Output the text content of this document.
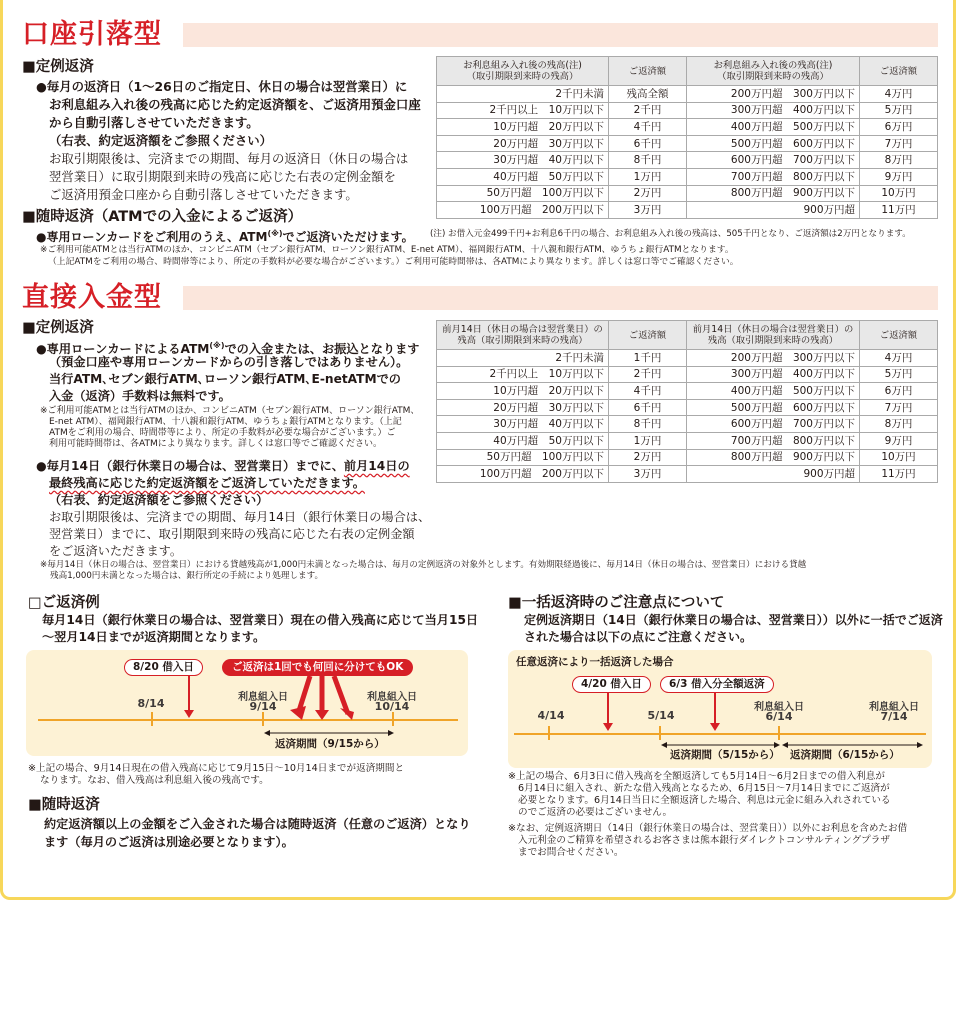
口座引落型
■定例返済
●毎月の返済日（1～26日のご指定日、休日の場合は翌営業日）に
お利息組み入れ後の残高に応じた約定返済額を、ご返済用預金口座
から自動引落しさせていただきます。
（右表、約定返済額をご参照ください）
お取引期限後は、完済までの期間、毎月の返済日（休日の場合は
翌営業日）に取引期限到来時の残高に応じた右表の定例金額を
ご返済用預金口座から自動引落しさせていただきます。
■随時返済（ATMでの入金によるご返済）
●専用ローンカードをご利用のうえ、ATM(※)でご返済いただけます。 (注) お借入元金499千円+お利息6千円の場合、お利息組み入れ後の残高は、505千円となり、ご返済額は2万円となります。
※ご利用可能ATMとは当行ATMのほか、コンビニATM（セブン銀行ATM、ローソン銀行ATM、E-net ATM）、福岡銀行ATM、十八親和銀行ATM、ゆうちょ銀行ATMとなります。
（上記ATMをご利用の場合、時間帯等により、所定の手数料が必要な場合がございます。）ご利用可能時間帯は、各ATMにより異なります。詳しくは窓口等でご確認ください。
お利息組み入れ後の残高(注)
（取引期限到来時の残高）	ご返済額	お利息組み入れ後の残高(注)
（取引期限到来時の残高）	ご返済額
2千円未満	残高全額	200万円超　300万円以下	4万円
2千円以上　10万円以下	2千円	300万円超　400万円以下	5万円
10万円超　20万円以下	4千円	400万円超　500万円以下	6万円
20万円超　30万円以下	6千円	500万円超　600万円以下	7万円
30万円超　40万円以下	8千円	600万円超　700万円以下	8万円
40万円超　50万円以下	1万円	700万円超　800万円以下	9万円
50万円超　100万円以下	2万円	800万円超　900万円以下	10万円
100万円超　200万円以下	3万円	900万円超	11万円
直接入金型
■定例返済
●専用ローンカードによるATM(※)での入金または、お振込となります
（預金口座や専用ローンカードからの引き落しではありません）。
当行ATM､セブン銀行ATM､ローソン銀行ATM､E-netATMでの
入金（返済）手数料は無料です。
※ご利用可能ATMとは当行ATMのほか、コンビニATM（セブン銀行ATM、ローソン銀行ATM、
E-net ATM）、福岡銀行ATM、十八親和銀行ATM、ゆうちょ銀行ATMとなります。（上記
ATMをご利用の場合、時間帯等により、所定の手数料が必要な場合がございます。）ご
利用可能時間帯は、各ATMにより異なります。詳しくは窓口等でご確認ください。
●毎月14日（銀行休業日の場合は、翌営業日）までに、前月14日の
最終残高に応じた約定返済額をご返済していただきます。
（右表、約定返済額をご参照ください）
お取引期限後は、完済までの期間、毎月14日（銀行休業日の場合は、
翌営業日）までに、取引期限到来時の残高に応じた右表の定例金額
をご返済いただきます。
※毎月14日（休日の場合は、翌営業日）における貸越残高が1,000円未満となった場合は、毎月の定例返済の対象外とします。有効期限経過後に、毎月14日（休日の場合は、翌営業日）における貸越
残高1,000円未満となった場合は、銀行所定の手続により処理します。
前月14日（休日の場合は翌営業日）の
残高（取引期限到来時の残高）	ご返済額	前月14日（休日の場合は翌営業日）の
残高（取引期限到来時の残高）	ご返済額
2千円未満	1千円	200万円超　300万円以下	4万円
2千円以上　10万円以下	2千円	300万円超　400万円以下	5万円
10万円超　20万円以下	4千円	400万円超　500万円以下	6万円
20万円超　30万円以下	6千円	500万円超　600万円以下	7万円
30万円超　40万円以下	8千円	600万円超　700万円以下	8万円
40万円超　50万円以下	1万円	700万円超　800万円以下	9万円
50万円超　100万円以下	2万円	800万円超　900万円以下	10万円
100万円超　200万円以下	3万円	900万円超	11万円
□ご返済例
毎月14日（銀行休業日の場合は、翌営業日）現在の借入残高に応じて当月15日
～翌月14日までが返済期間となります。
8/20 借入日	ご返済は1回でも何回に分けてもOK
8/14	利息組入日
9/14
利息組入日
10/14
返済期間（9/15から）
※上記の場合、9月14日現在の借入残高に応じて9月15日～10月14日までが返済期間と
なります。なお、借入残高は利息組入後の残高です。
■随時返済
約定返済額以上の金額をご入金された場合は随時返済（任意のご返済）となり
ます（毎月のご返済は別途必要となります）。
■一括返済時のご注意点について
定例返済期日（14日（銀行休業日の場合は、翌営業日））以外に一括でご返済
された場合は以下の点にご注意ください。
任意返済により一括返済した場合
4/20 借入日	6/3 借入分全額返済
4/14	5/14
利息組入日
6/14
利息組入日
7/14
返済期間（5/15から） 返済期間（6/15から）
※上記の場合、6月3日に借入残高を全額返済しても5月14日～6月2日までの借入利息が
6月14日に組入され、新たな借入残高となるため、6月15日～7月14日までにご返済が
必要となります。6月14日当日に全額返済した場合、利息は元金に組み入れされている
のでご返済の必要はございません。
※なお、定例返済期日（14日（銀行休業日の場合は、翌営業日））以外にお利息を含めたお借
入元利金のご精算を希望されるお客さまは熊本銀行ダイレクトコンサルティングプラザ
までお問合せください。
